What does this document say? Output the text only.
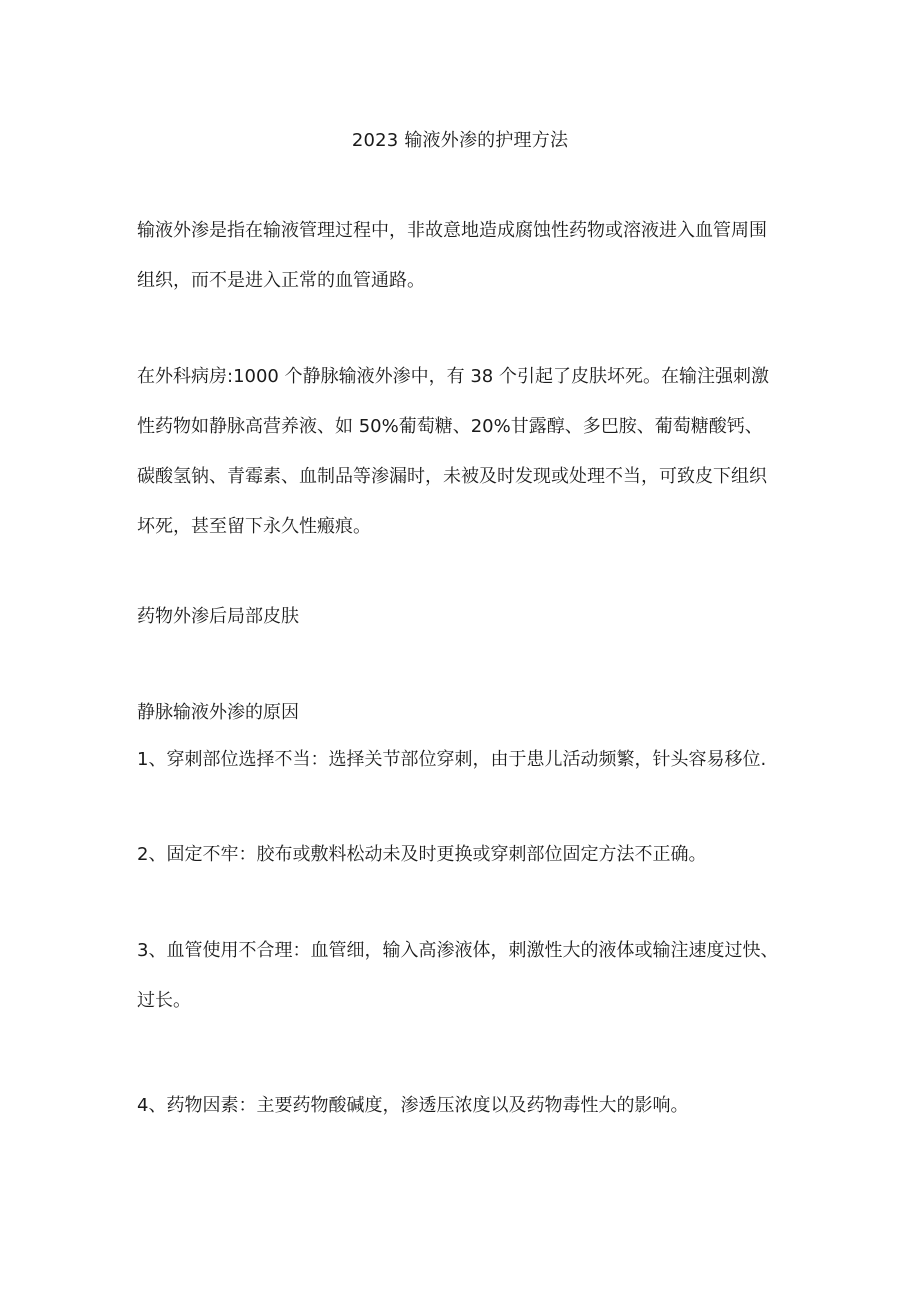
2023 输液外渗的护理方法

输液外渗是指在输液管理过程中，非故意地造成腐蚀性药物或溶液进入血管周围
组织，而不是进入正常的血管通路。

在外科病房:1000 个静脉输液外渗中，有 38 个引起了皮肤坏死。在输注强刺激
性药物如静脉高营养液、如 50%葡萄糖、20%甘露醇、多巴胺、葡萄糖酸钙、
碳酸氢钠、青霉素、血制品等渗漏时，未被及时发现或处理不当，可致皮下组织
坏死，甚至留下永久性瘢痕。

药物外渗后局部皮肤

静脉输液外渗的原因

1、穿刺部位选择不当：选择关节部位穿刺，由于患儿活动频繁，针头容易移位.

2、固定不牢：胶布或敷料松动未及时更换或穿刺部位固定方法不正确。

3、血管使用不合理：血管细，输入高渗液体，刺激性大的液体或输注速度过快、
过长。

4、药物因素：主要药物酸碱度，渗透压浓度以及药物毒性大的影响。
